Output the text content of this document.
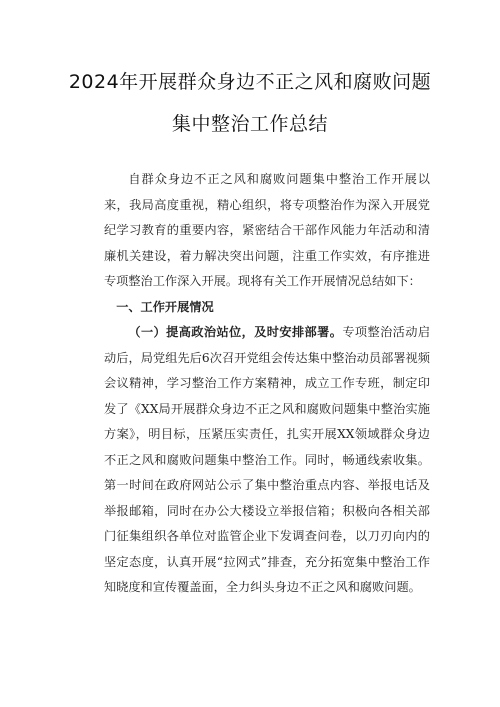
2024年开展群众身边不正之风和腐败问题
集中整治工作总结

自群众身边不正之风和腐败问题集中整治工作开展以来，我局高度重视，精心组织，将专项整治作为深入开展党纪学习教育的重要内容，紧密结合干部作风能力年活动和清廉机关建设，着力解决突出问题，注重工作实效，有序推进专项整治工作深入开展。现将有关工作开展情况总结如下：

一、工作开展情况

（一）提高政治站位，及时安排部署。专项整治活动启动后，局党组先后6次召开党组会传达集中整治动员部署视频会议精神，学习整治工作方案精神，成立工作专班，制定印发了《XX局开展群众身边不正之风和腐败问题集中整治实施方案》，明目标，压紧压实责任，扎实开展XX领域群众身边不正之风和腐败问题集中整治工作。同时，畅通线索收集。第一时间在政府网站公示了集中整治重点内容、举报电话及举报邮箱，同时在办公大楼设立举报信箱；积极向各相关部门征集组织各单位对监管企业下发调查问卷，以刀刃向内的坚定态度，认真开展“拉网式”排查，充分拓宽集中整治工作知晓度和宣传覆盖面，全力纠头身边不正之风和腐败问题。
